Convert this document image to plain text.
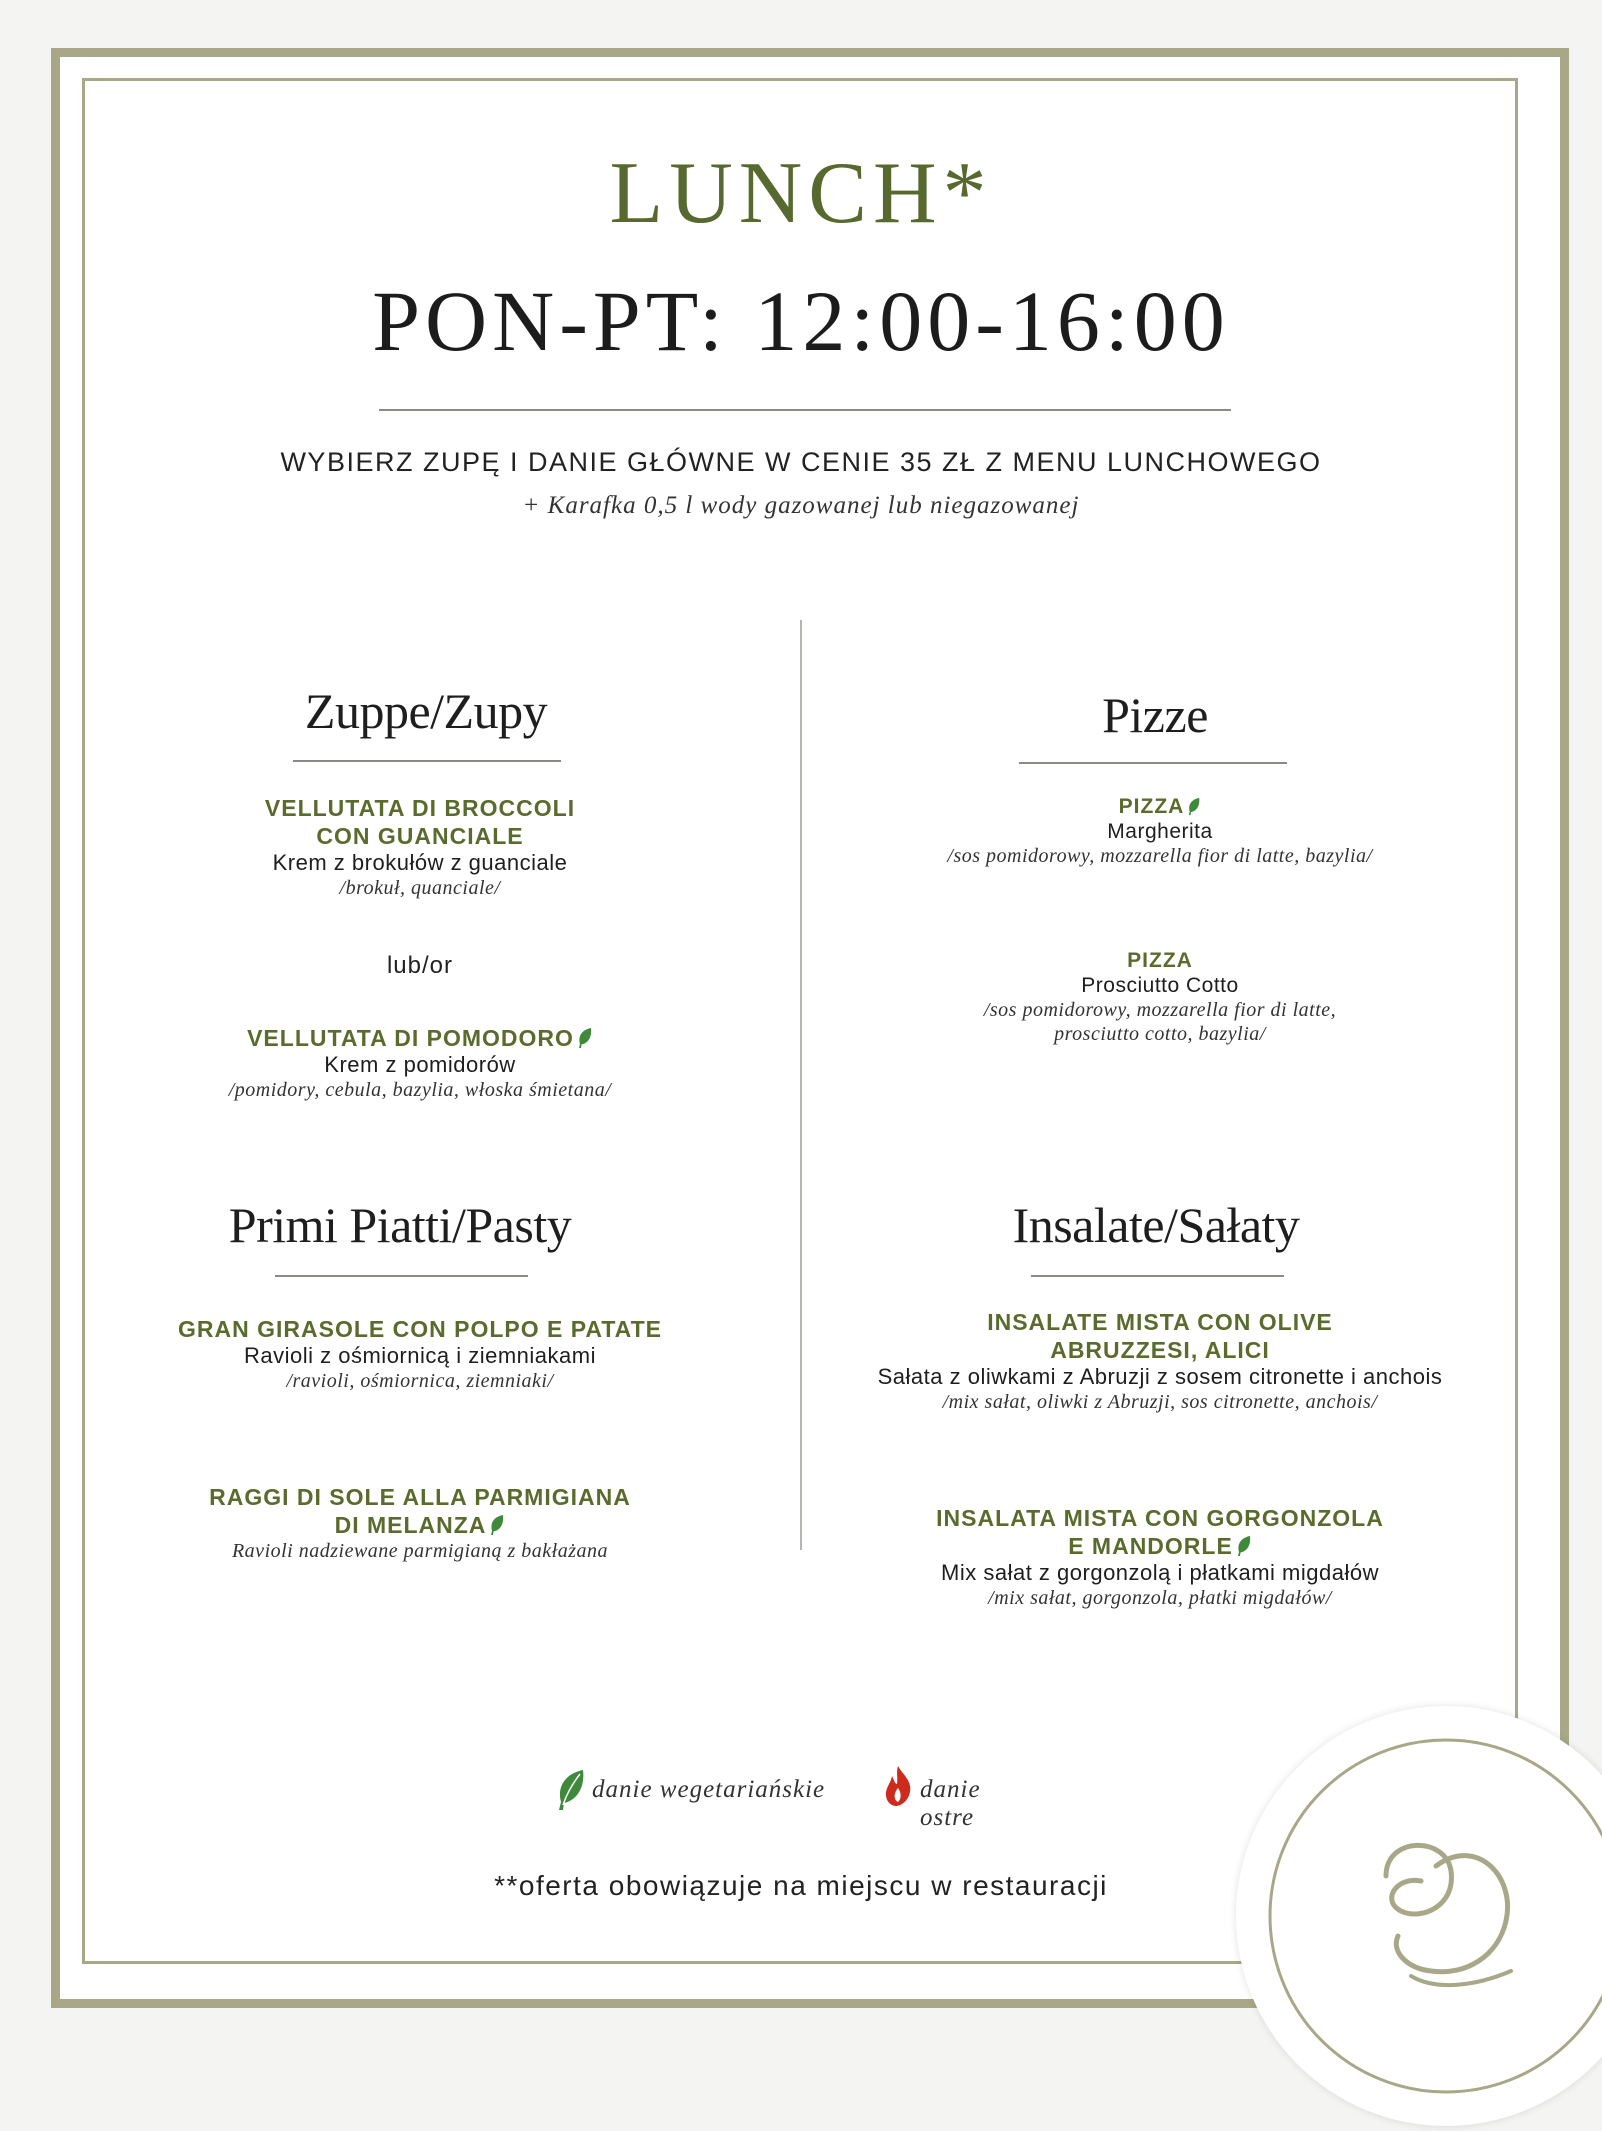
LUNCH*
PON-PT: 12:00-16:00
WYBIERZ ZUPĘ I DANIE GŁÓWNE W CENIE 35 ZŁ Z MENU LUNCHOWEGO
+ Karafka 0,5 l wody gazowanej lub niegazowanej
Zuppe/Zupy
VELLUTATA DI BROCCOLI
CON GUANCIALE
Krem z brokułów z guanciale
/brokuł, quanciale/
lub/or
VELLUTATA DI POMODORO
Krem z pomidorów
/pomidory, cebula, bazylia, włoska śmietana/
Pizze
PIZZA
Margherita
/sos pomidorowy, mozzarella fior di latte, bazylia/
PIZZA
Prosciutto Cotto
/sos pomidorowy, mozzarella fior di latte,
prosciutto cotto, bazylia/
Primi Piatti/Pasty
GRAN GIRASOLE CON POLPO E PATATE
Ravioli z ośmiornicą i ziemniakami
/ravioli, ośmiornica, ziemniaki/
RAGGI DI SOLE ALLA PARMIGIANA
DI MELANZA
Ravioli nadziewane parmigianą z bakłażana
Insalate/Sałaty
INSALATE MISTA CON OLIVE
ABRUZZESI, ALICI
Sałata z oliwkami z Abruzji z sosem citronette i anchois
/mix sałat, oliwki z Abruzji, sos citronette, anchois/
INSALATA MISTA CON GORGONZOLA
E MANDORLE
Mix sałat z gorgonzolą i płatkami migdałów
/mix sałat, gorgonzola, płatki migdałów/
danie wegetariańskie	danie ostre
**oferta obowiązuje na miejscu w restauracji
